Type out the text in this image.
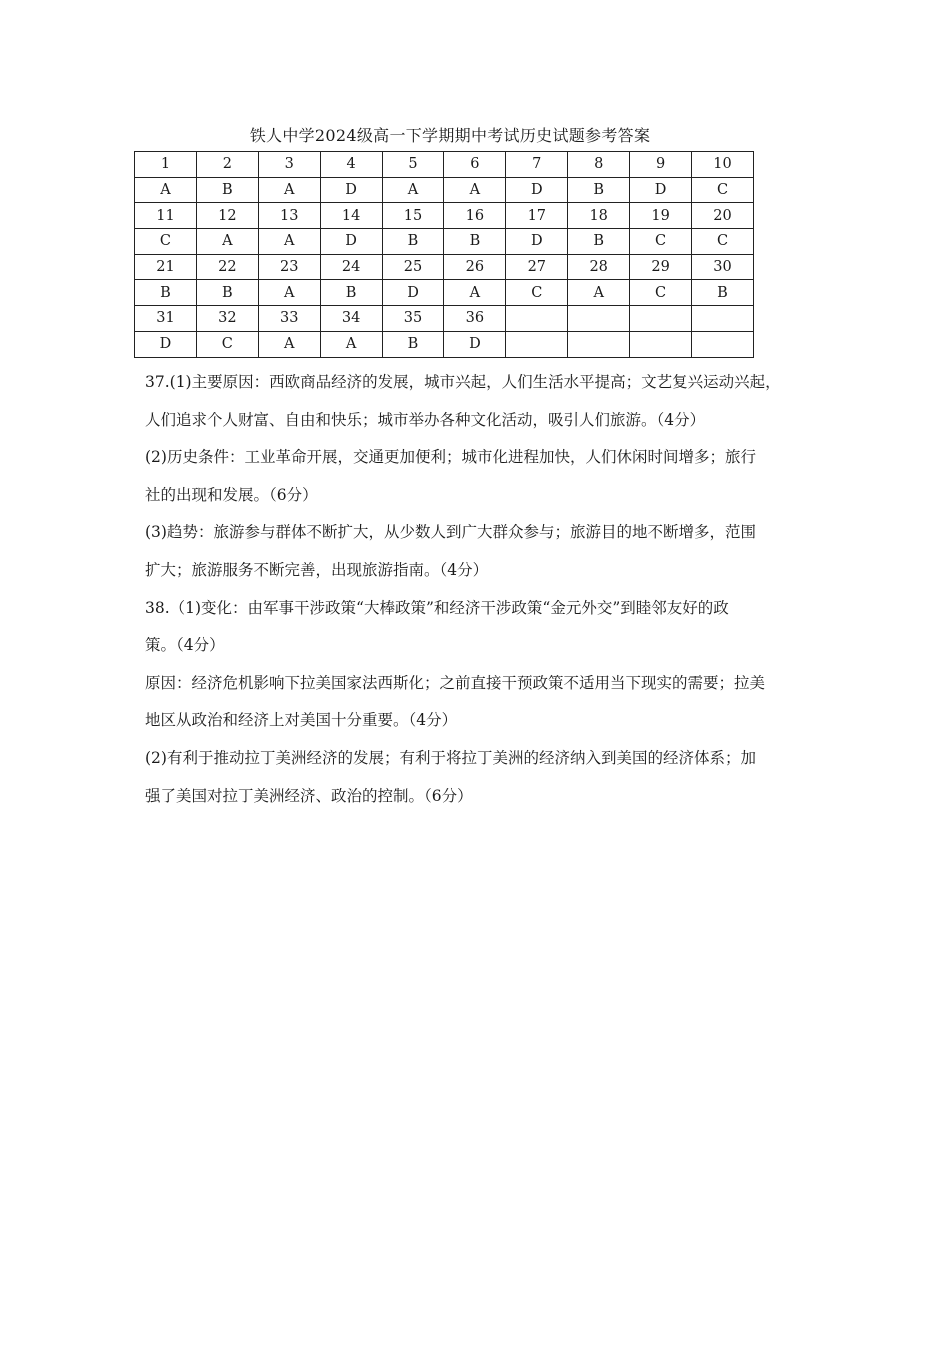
铁人中学2024级高一下学期期中考试历史试题参考答案
1	2	3	4	5	6	7	8	9	10
A	B	A	D	A	A	D	B	D	C
11	12	13	14	15	16	17	18	19	20
C	A	A	D	B	B	D	B	C	C
21	22	23	24	25	26	27	28	29	30
B	B	A	B	D	A	C	A	C	B
31	32	33	34	35	36				
D	C	A	A	B	D				

37.(1)主要原因：西欧商品经济的发展，城市兴起，人们生活水平提高；文艺复兴运动兴起，

人们追求个人财富、自由和快乐；城市举办各种文化活动，吸引人们旅游。（4分）

(2)历史条件：工业革命开展，交通更加便利；城市化进程加快，人们休闲时间增多；旅行

社的出现和发展。（6分）

(3)趋势：旅游参与群体不断扩大，从少数人到广大群众参与；旅游目的地不断增多，范围

扩大；旅游服务不断完善，出现旅游指南。（4分）

38.（1)变化：由军事干涉政策“大棒政策”和经济干涉政策“金元外交”到睦邻友好的政

策。（4分）

原因：经济危机影响下拉美国家法西斯化；之前直接干预政策不适用当下现实的需要；拉美

地区从政治和经济上对美国十分重要。（4分）

(2)有利于推动拉丁美洲经济的发展；有利于将拉丁美洲的经济纳入到美国的经济体系；加

强了美国对拉丁美洲经济、政治的控制。（6分）
